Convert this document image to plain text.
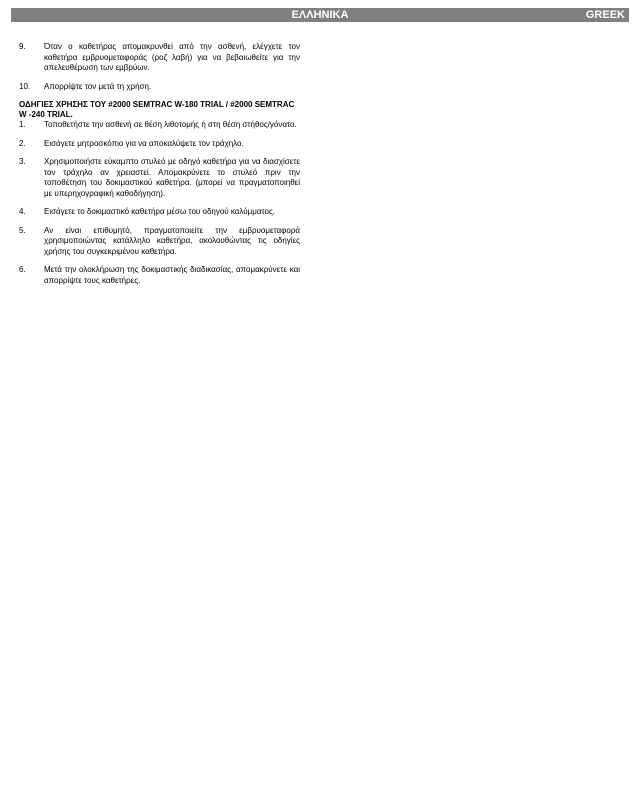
ΕΛΛΗΝΙΚΑ	GREEK
9.	Όταν ο καθετήρας απομακρυνθεί από την ασθενή, ελέγχετε τον καθετήρα εμβρυομεταφοράς (ροζ λαβή) για να βεβαιωθείτε για την απελευθέρωση των εμβρύων.
10.	Απορρίψτε τον μετά τη χρήση.
ΟΔΗΓΙΕΣ ΧΡΗΣΗΣ ΤΟΥ #2000 SEMTRAC W-180 TRIAL / #2000 SEMTRAC W -240 TRIAL.
1.	Τοποθετήστε την ασθενή σε θέση λιθοτομής ή στη θέση στήθος/γόνατο.
2.	Εισάγετε μητροσκόπιο για να αποκαλύψετε τον τράχηλο.
3.	Χρησιμοποιήστε εύκαμπτο στυλεό με οδηγό καθετήρα για να διασχίσετε τον τράχηλο αν χρειαστεί. Απομακρύνετε το στυλεό πριν την τοποθέτηση του δοκιμαστικού καθετήρα. (μπορεί να πραγματοποιηθεί με υπερηχογραφική καθοδήγηση).
4.	Εισάγετε το δοκιμαστικό καθετήρα μέσω του οδηγού καλύμματος.
5.	Αν είναι επιθυμητό, πραγματοποιείτε την εμβρυομεταφορά χρησιμοποιώντας κατάλληλο καθετήρα, ακολουθώντας τις οδηγίες χρήσης του συγκεκριμένου καθετήρα.
6.	Μετά την ολοκλήρωση της δοκιμαστικής διαδικασίας, απομακρύνετε και απορρίψτε τους καθετήρες.
